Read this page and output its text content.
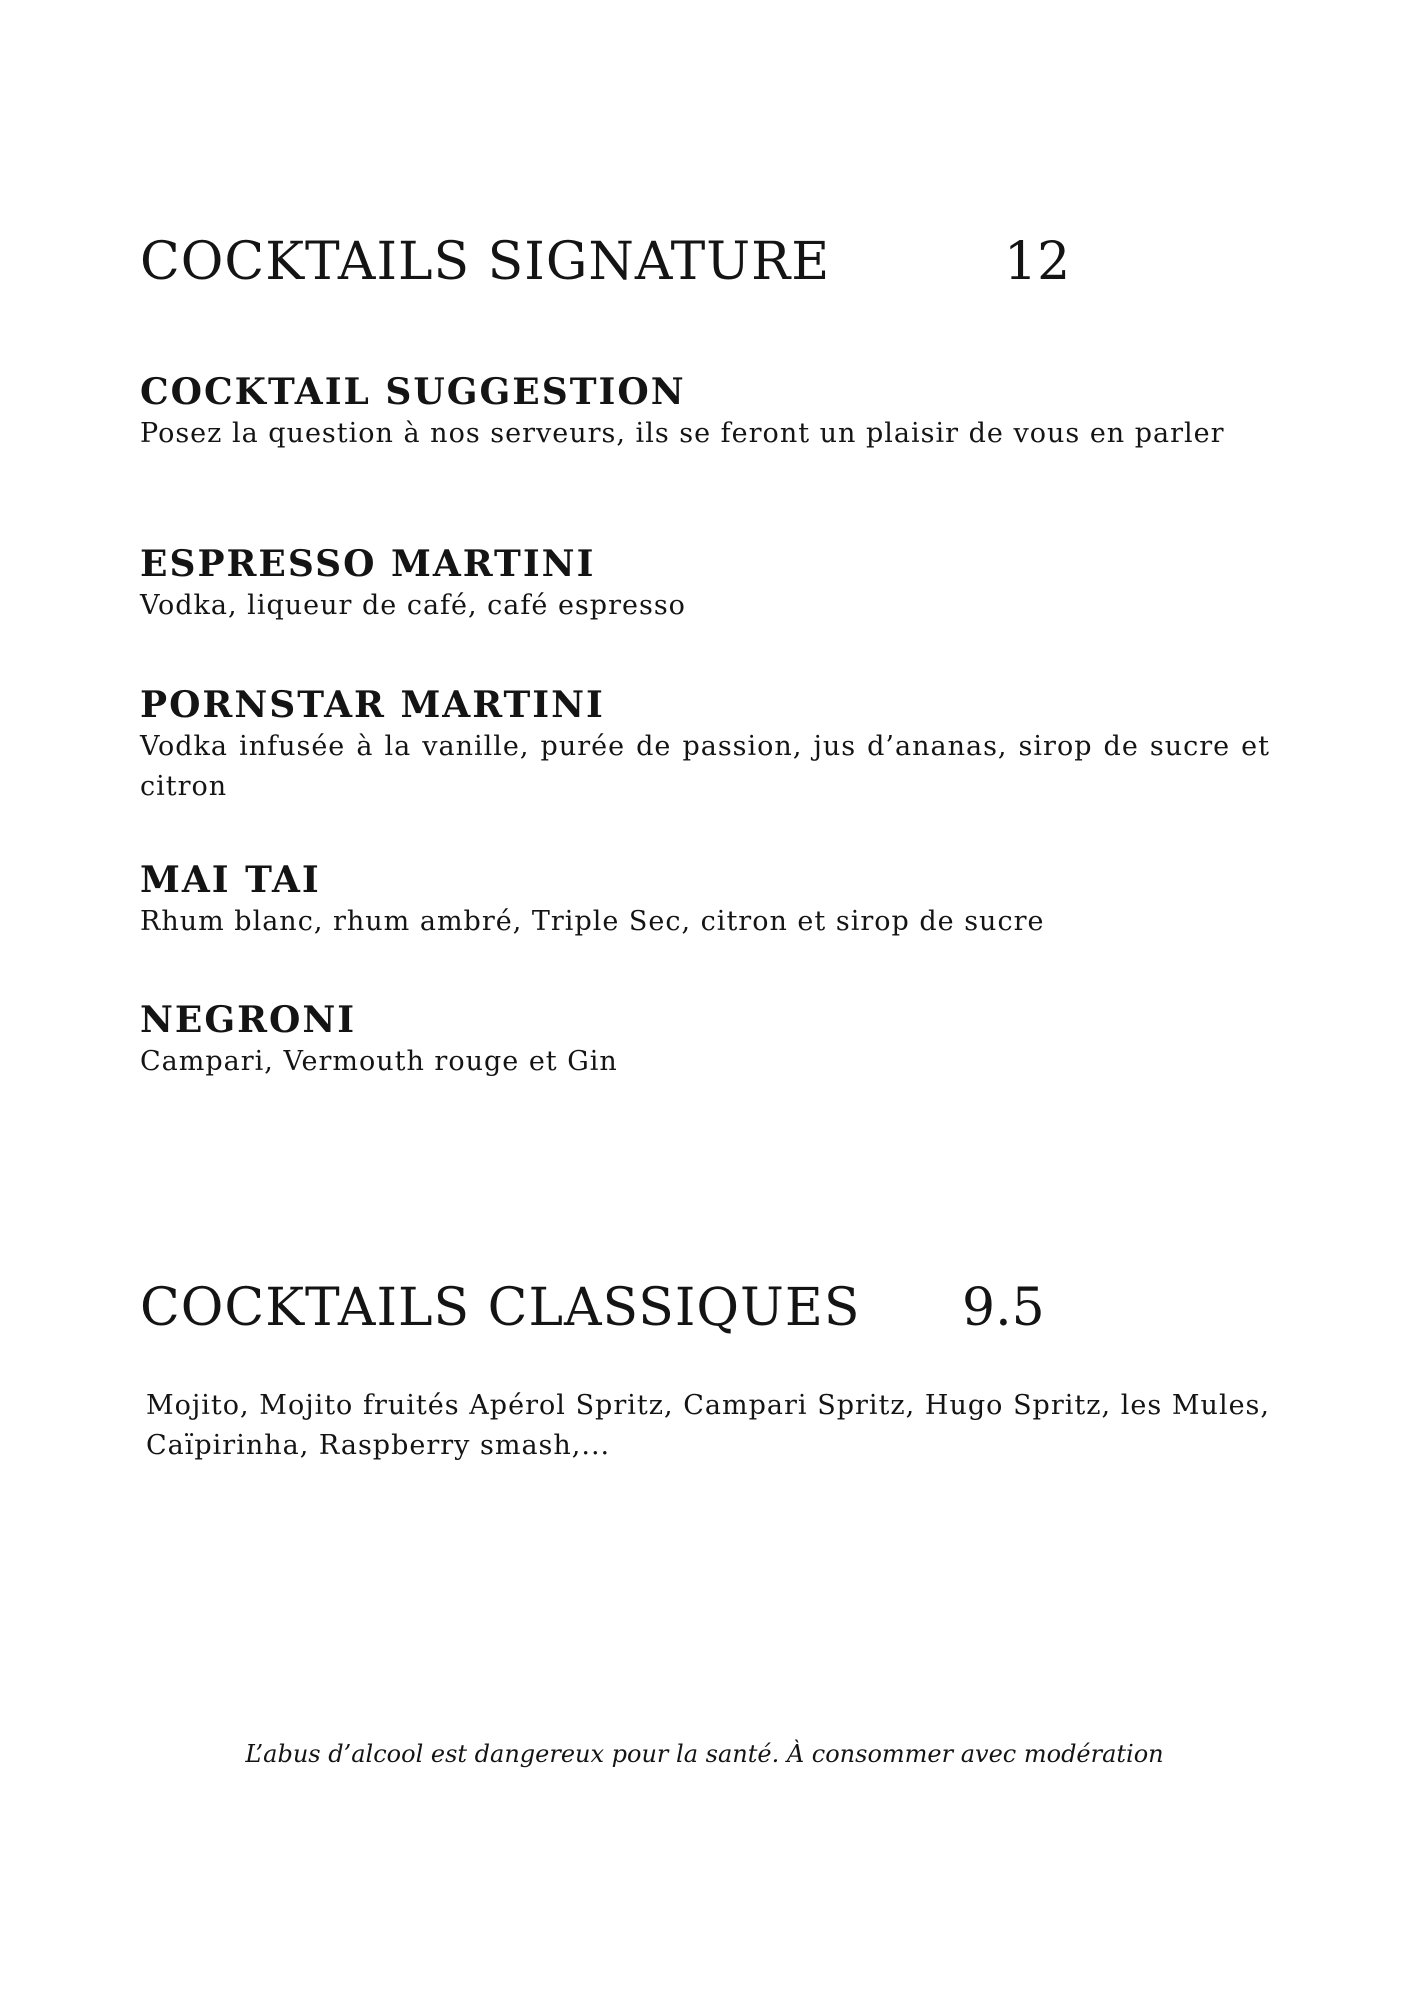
COCKTAILS SIGNATURE	12
COCKTAIL SUGGESTION

Posez la question à nos serveurs, ils se feront un plaisir de vous en parler

ESPRESSO MARTINI

Vodka, liqueur de café, café espresso

PORNSTAR MARTINI

Vodka infusée à la vanille, purée de passion, jus d’ananas, sirop de sucre et citron

MAI TAI

Rhum blanc, rhum ambré, Triple Sec, citron et sirop de sucre

NEGRONI

Campari, Vermouth rouge et Gin

COCKTAILS CLASSIQUES 9.5

Mojito, Mojito fruités Apérol Spritz, Campari Spritz, Hugo Spritz, les Mules, Caïpirinha, Raspberry smash,...

L’abus d’alcool est dangereux pour la santé. À consommer avec modération
